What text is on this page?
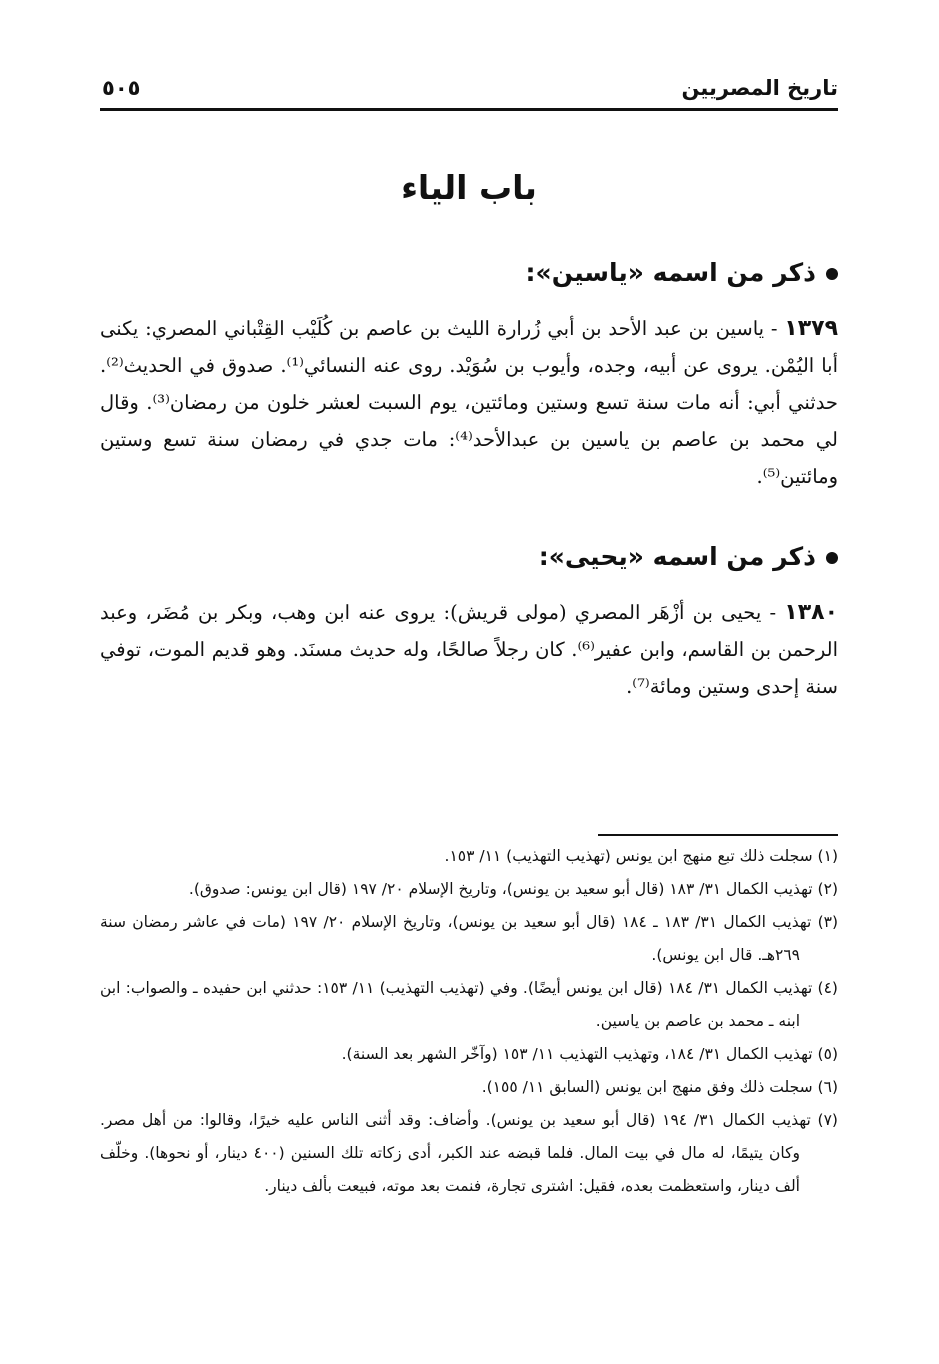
تاريخ المصريين
٥٠٥
باب الياء
ذكر من اسمه «ياسين»:
١٣٧٩ - ياسين بن عبد الأحد بن أبي زُرارة الليث بن عاصم بن كُلَيْب القِتْباني المصري: يكنى أبا اليُمْن. يروى عن أبيه، وجده، وأيوب بن سُوَيْد. روى عنه النسائي⁽¹⁾. صدوق في الحديث⁽²⁾. حدثني أبي: أنه مات سنة تسع وستين ومائتين، يوم السبت لعشر خلون من رمضان⁽³⁾. وقال لي محمد بن عاصم بن ياسين بن عبدالأحد⁽⁴⁾: مات جدي في رمضان سنة تسع وستين ومائتين⁽⁵⁾.
ذكر من اسمه «يحيى»:
١٣٨٠ - يحيى بن أزْهَر المصري (مولى قريش): يروى عنه ابن وهب، وبكر بن مُضَر، وعبد الرحمن بن القاسم، وابن عفير⁽⁶⁾. كان رجلاً صالحًا، وله حديث مسنَد. وهو قديم الموت، توفي سنة إحدى وستين ومائة⁽⁷⁾.
(١) سجلت ذلك تبع منهج ابن يونس (تهذيب التهذيب) ١١/ ١٥٣.
(٢) تهذيب الكمال ٣١/ ١٨٣ (قال أبو سعيد بن يونس)، وتاريخ الإسلام ٢٠/ ١٩٧ (قال ابن يونس: صدوق).
(٣) تهذيب الكمال ٣١/ ١٨٣ ـ ١٨٤ (قال أبو سعيد بن يونس)، وتاريخ الإسلام ٢٠/ ١٩٧ (مات في عاشر رمضان سنة ٢٦٩هـ. قال ابن يونس).
(٤) تهذيب الكمال ٣١/ ١٨٤ (قال ابن يونس أيضًا). وفي (تهذيب التهذيب) ١١/ ١٥٣: حدثني ابن حفيده ـ والصواب: ابن ابنه ـ محمد بن عاصم بن ياسين.
(٥) تهذيب الكمال ٣١/ ١٨٤، وتهذيب التهذيب ١١/ ١٥٣ (وآخّر الشهر بعد السنة).
(٦) سجلت ذلك وفق منهج ابن يونس (السابق ١١/ ١٥٥).
(٧) تهذيب الكمال ٣١/ ١٩٤ (قال أبو سعيد بن يونس). وأضاف: وقد أثنى الناس عليه خيرًا، وقالوا: من أهل مصر. وكان يتيمًا، له مال في بيت المال. فلما قبضه عند الكبر، أدى زكاته تلك السنين (٤٠٠ دينار، أو نحوها). وخلّف ألف دينار، واستعظمت بعده، فقيل: اشترى تجارة، فنمت بعد موته، فبيعت بألف دينار.
